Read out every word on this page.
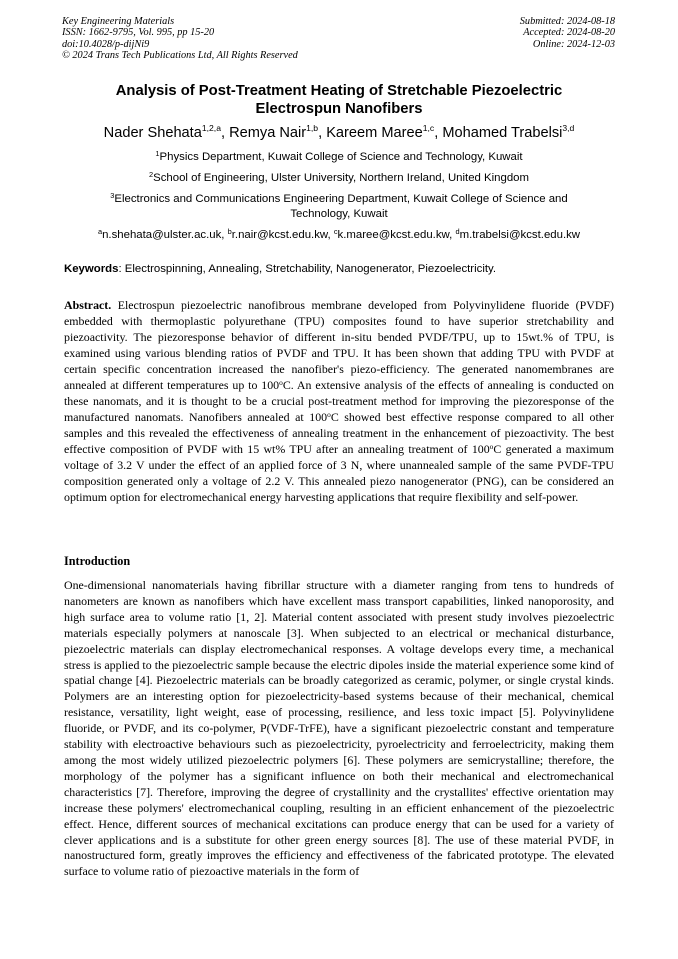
Key Engineering Materials
ISSN: 1662-9795, Vol. 995, pp 15-20
doi:10.4028/p-dijNi9
© 2024 Trans Tech Publications Ltd, All Rights Reserved
Submitted: 2024-08-18
Accepted: 2024-08-20
Online: 2024-12-03
Analysis of Post-Treatment Heating of Stretchable Piezoelectric
Electrospun Nanofibers
Nader Shehata$^{1,2,a}$, Remya Nair$^{1,b}$, Kareem Maree$^{1,c}$, Mohamed Trabelsi$^{3,d}$
$^1$Physics Department, Kuwait College of Science and Technology, Kuwait
$^2$School of Engineering, Ulster University, Northern Ireland, United Kingdom
$^3$Electronics and Communications Engineering Department, Kuwait College of Science and Technology, Kuwait
$^a$n.shehata@ulster.ac.uk, $^b$r.nair@kcst.edu.kw, $^c$k.maree@kcst.edu.kw, $^d$m.trabelsi@kcst.edu.kw
Keywords: Electrospinning, Annealing, Stretchability, Nanogenerator, Piezoelectricity.
Abstract. Electrospun piezoelectric nanofibrous membrane developed from Polyvinylidene fluoride (PVDF) embedded with thermoplastic polyurethane (TPU) composites found to have superior stretchability and piezoactivity. The piezoresponse behavior of different in-situ bended PVDF/TPU, up to 15wt.% of TPU, is examined using various blending ratios of PVDF and TPU. It has been shown that adding TPU with PVDF at certain specific concentration increased the nanofiber's piezo-efficiency. The generated nanomembranes are annealed at different temperatures up to 100$^o$C. An extensive analysis of the effects of annealing is conducted on these nanomats, and it is thought to be a crucial post-treatment method for improving the piezoresponse of the manufactured nanomats. Nanofibers annealed at 100$^o$C showed best effective response compared to all other samples and this revealed the effectiveness of annealing treatment in the enhancement of piezoactivity. The best effective composition of PVDF with 15 wt% TPU after an annealing treatment of 100$^o$C generated a maximum voltage of 3.2 V under the effect of an applied force of 3 N, where unannealed sample of the same PVDF-TPU composition generated only a voltage of 2.2 V. This annealed piezo nanogenerator (PNG), can be considered an optimum option for electromechanical energy harvesting applications that require flexibility and self-power.
Introduction
One-dimensional nanomaterials having fibrillar structure with a diameter ranging from tens to hundreds of nanometers are known as nanofibers which have excellent mass transport capabilities, linked nanoporosity, and high surface area to volume ratio [1, 2]. Material content associated with present study involves piezoelectric materials especially polymers at nanoscale [3]. When subjected to an electrical or mechanical disturbance, piezoelectric materials can display electromechanical responses. A voltage develops every time, a mechanical stress is applied to the piezoelectric sample because the electric dipoles inside the material experience some kind of spatial change [4]. Piezoelectric materials can be broadly categorized as ceramic, polymer, or single crystal kinds. Polymers are an interesting option for piezoelectricity-based systems because of their mechanical, chemical resistance, versatility, light weight, ease of processing, resilience, and less toxic impact [5]. Polyvinylidene fluoride, or PVDF, and its co-polymer, P(VDF-TrFE), have a significant piezoelectric constant and temperature stability with electroactive behaviours such as piezoelectricity, pyroelectricity and ferroelectricity, making them among the most widely utilized piezoelectric polymers [6]. These polymers are semicrystalline; therefore, the morphology of the polymer has a significant influence on both their mechanical and electromechanical characteristics [7]. Therefore, improving the degree of crystallinity and the crystallites' effective orientation may increase these polymers' electromechanical coupling, resulting in an efficient enhancement of the piezoelectric effect. Hence, different sources of mechanical excitations can produce energy that can be used for a variety of clever applications and is a substitute for other green energy sources [8]. The use of these material PVDF, in nanostructured form, greatly improves the efficiency and effectiveness of the fabricated prototype. The elevated surface to volume ratio of piezoactive materials in the form of
